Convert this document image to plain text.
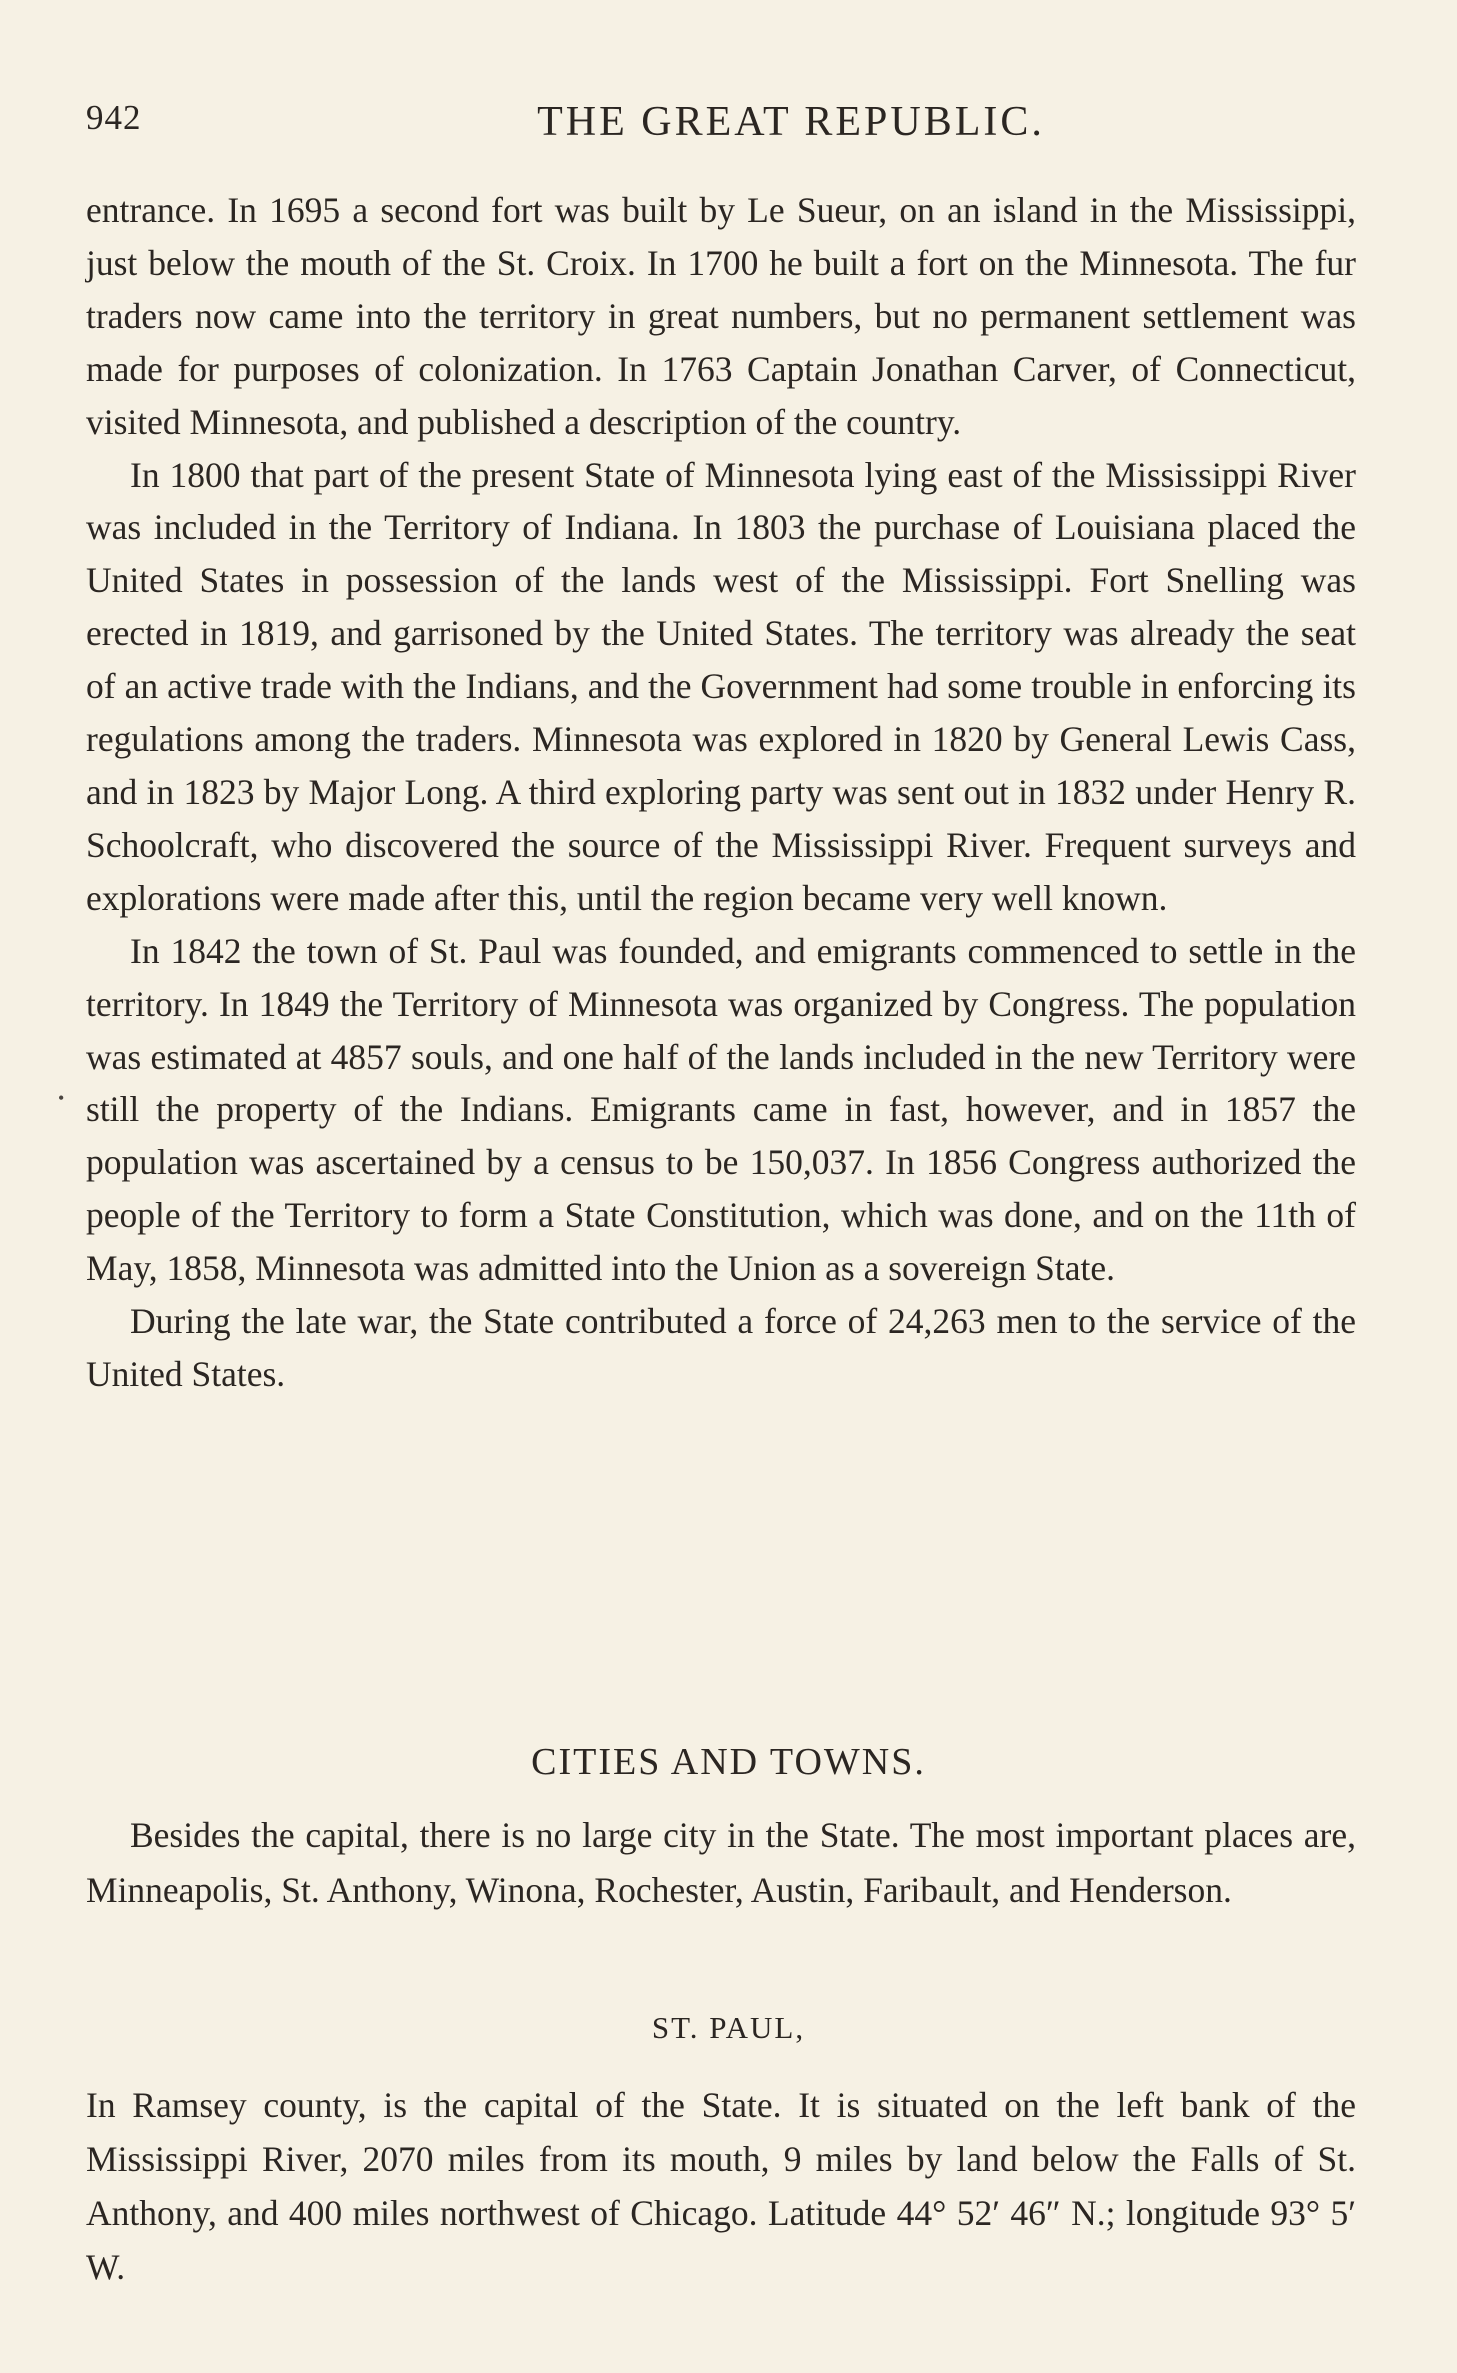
942	THE GREAT REPUBLIC.
•

entrance. In 1695 a second fort was built by Le Sueur, on an island in the Mississippi, just below the mouth of the St. Croix. In 1700 he built a fort on the Minnesota. The fur traders now came into the territory in great numbers, but no permanent settlement was made for purposes of colonization. In 1763 Captain Jonathan Carver, of Connecticut, visited Minnesota, and published a description of the country.

In 1800 that part of the present State of Minnesota lying east of the Mississippi River was included in the Territory of Indiana. In 1803 the purchase of Louisiana placed the United States in possession of the lands west of the Mississippi. Fort Snelling was erected in 1819, and garrisoned by the United States. The territory was already the seat of an active trade with the Indians, and the Government had some trouble in enforcing its regulations among the traders. Minnesota was explored in 1820 by General Lewis Cass, and in 1823 by Major Long. A third exploring party was sent out in 1832 under Henry R. Schoolcraft, who discovered the source of the Mississippi River. Frequent surveys and explorations were made after this, until the region became very well known.

In 1842 the town of St. Paul was founded, and emigrants commenced to settle in the territory. In 1849 the Territory of Minnesota was organized by Congress. The population was estimated at 4857 souls, and one half of the lands included in the new Territory were still the property of the Indians. Emigrants came in fast, however, and in 1857 the population was ascertained by a census to be 150,037. In 1856 Congress authorized the people of the Territory to form a State Constitution, which was done, and on the 11th of May, 1858, Minnesota was admitted into the Union as a sovereign State.

During the late war, the State contributed a force of 24,263 men to the service of the United States.

CITIES AND TOWNS.

Besides the capital, there is no large city in the State. The most important places are, Minneapolis, St. Anthony, Winona, Rochester, Austin, Faribault, and Henderson.

ST. PAUL,

In Ramsey county, is the capital of the State. It is situated on the left bank of the Mississippi River, 2070 miles from its mouth, 9 miles by land below the Falls of St. Anthony, and 400 miles northwest of Chicago. Latitude 44° 52′ 46″ N.; longitude 93° 5′ W.
